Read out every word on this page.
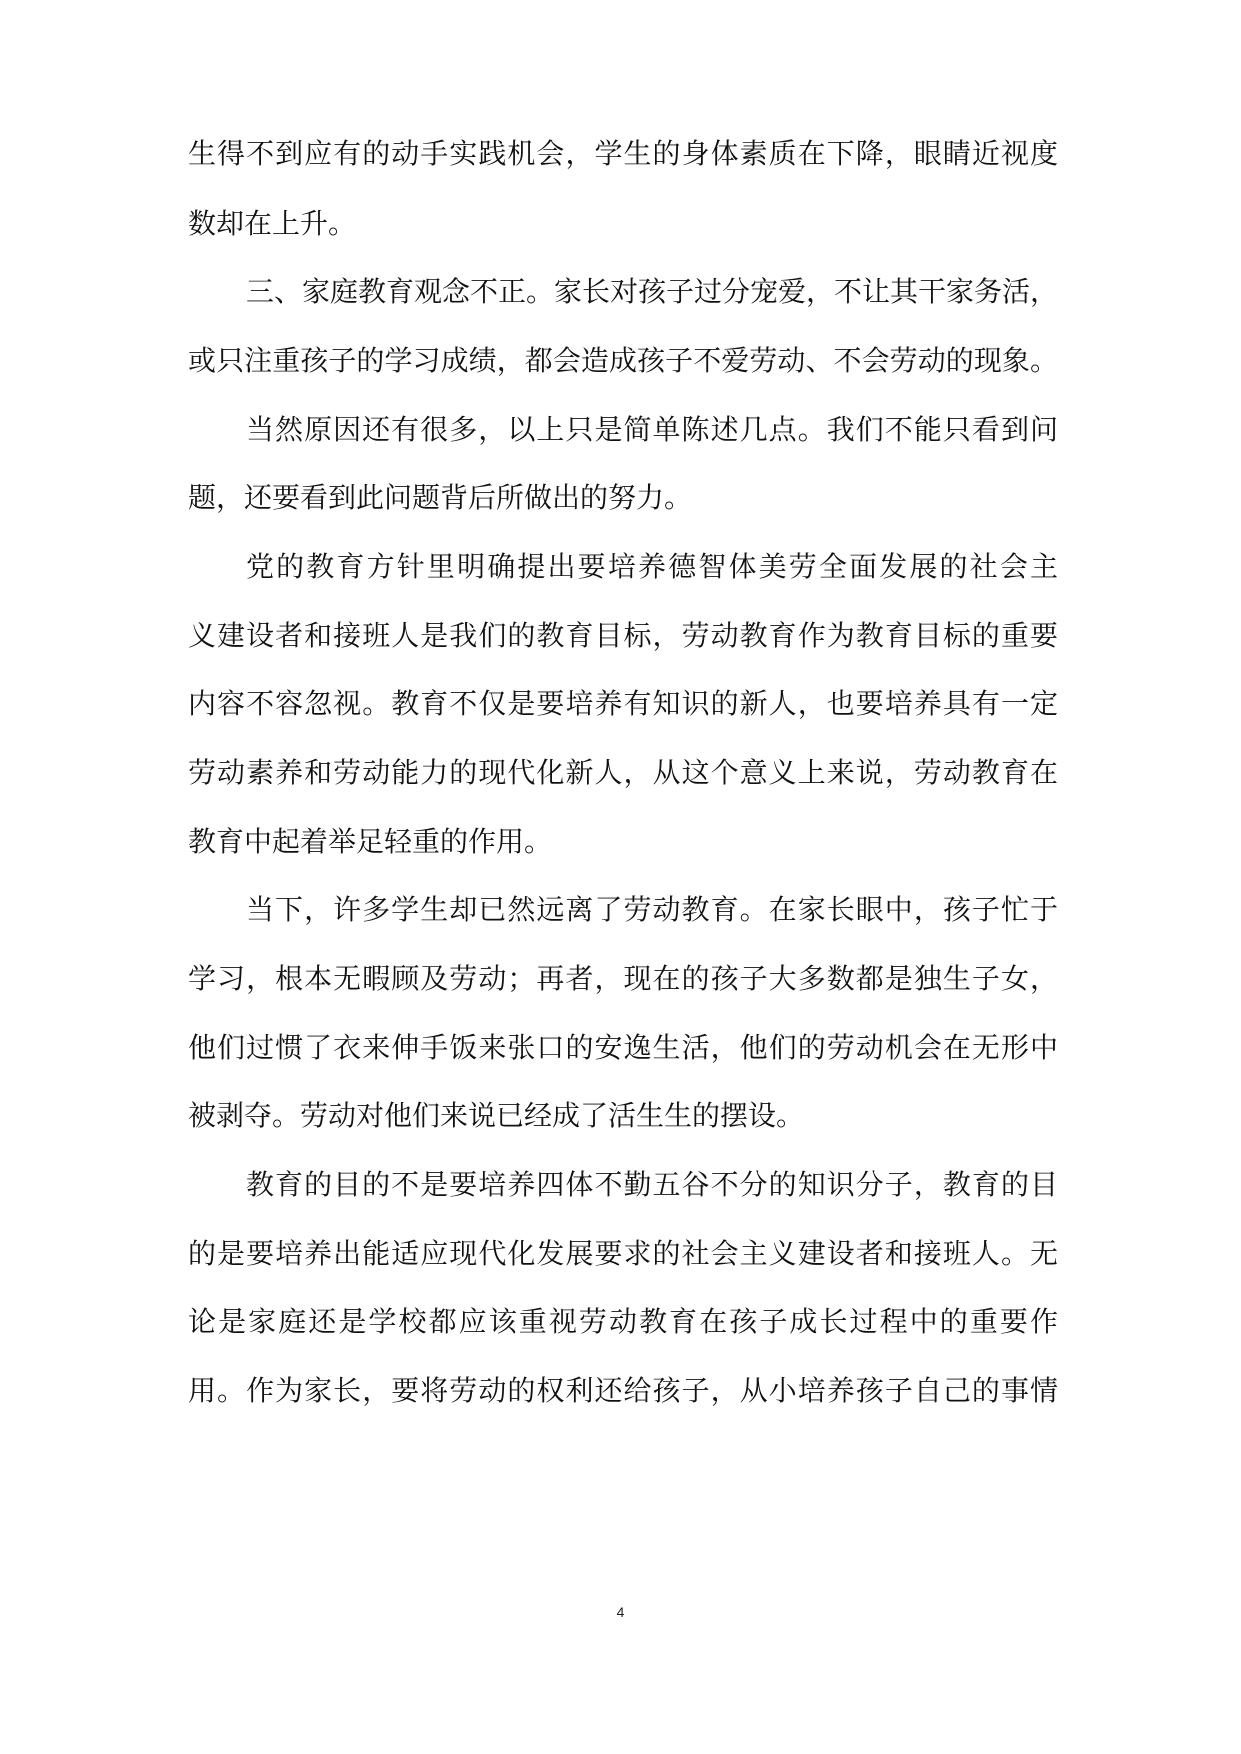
生得不到应有的动手实践机会，学生的身体素质在下降，眼睛近视度
数却在上升。
三、家庭教育观念不正。家长对孩子过分宠爱，不让其干家务活，
或只注重孩子的学习成绩，都会造成孩子不爱劳动、不会劳动的现象。
当然原因还有很多，以上只是简单陈述几点。我们不能只看到问
题，还要看到此问题背后所做出的努力。
党的教育方针里明确提出要培养德智体美劳全面发展的社会主
义建设者和接班人是我们的教育目标，劳动教育作为教育目标的重要
内容不容忽视。教育不仅是要培养有知识的新人，也要培养具有一定
劳动素养和劳动能力的现代化新人，从这个意义上来说，劳动教育在
教育中起着举足轻重的作用。
当下，许多学生却已然远离了劳动教育。在家长眼中，孩子忙于
学习，根本无暇顾及劳动；再者，现在的孩子大多数都是独生子女，
他们过惯了衣来伸手饭来张口的安逸生活，他们的劳动机会在无形中
被剥夺。劳动对他们来说已经成了活生生的摆设。
教育的目的不是要培养四体不勤五谷不分的知识分子，教育的目
的是要培养出能适应现代化发展要求的社会主义建设者和接班人。无
论是家庭还是学校都应该重视劳动教育在孩子成长过程中的重要作
用。作为家长，要将劳动的权利还给孩子，从小培养孩子自己的事情
4
